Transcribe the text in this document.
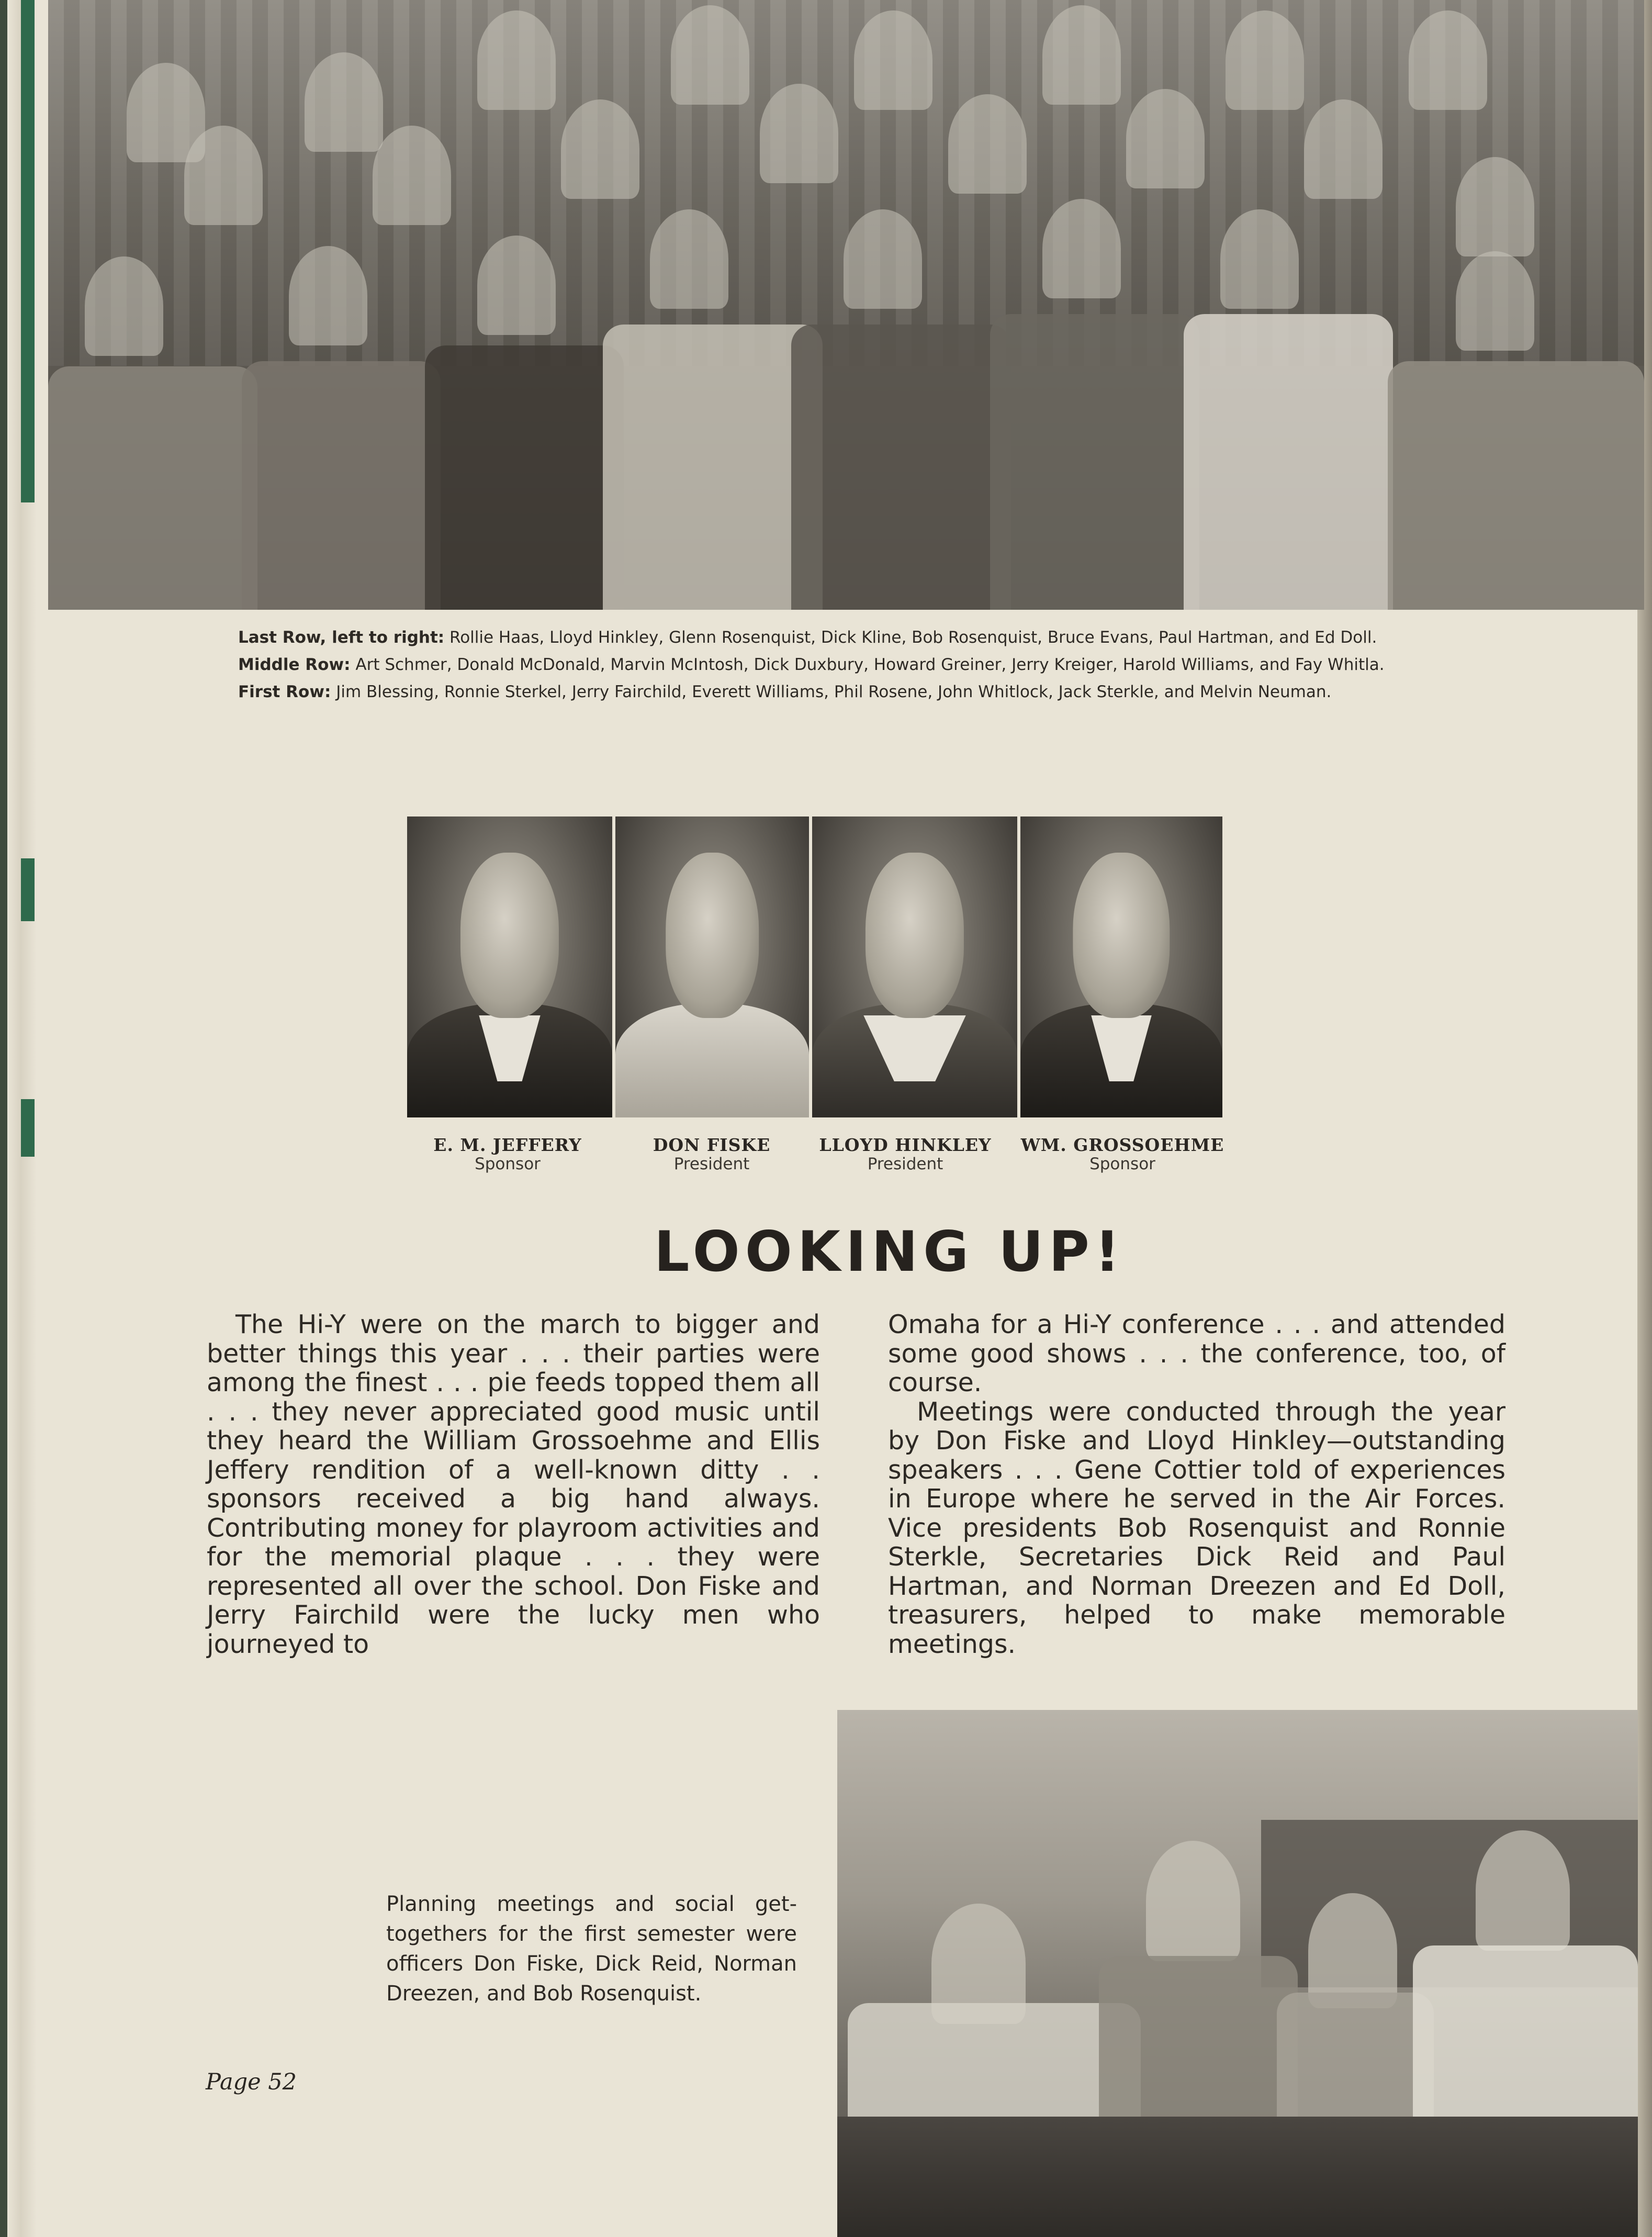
Last Row, left to right: Rollie Haas, Lloyd Hinkley, Glenn Rosenquist, Dick Kline, Bob Rosenquist, Bruce Evans, Paul Hartman, and Ed Doll.

Middle Row: Art Schmer, Donald McDonald, Marvin McIntosh, Dick Duxbury, Howard Greiner, Jerry Kreiger, Harold Williams, and Fay Whitla.

First Row: Jim Blessing, Ronnie Sterkel, Jerry Fairchild, Everett Williams, Phil Rosene, John Whitlock, Jack Sterkle, and Melvin Neuman.

E. M. JEFFERY
Sponsor
DON FISKE
President
LLOYD HINKLEY
President
WM. GROSSOEHME
Sponsor
LOOKING UP!

The Hi-Y were on the march to bigger and better things this year . . . their parties were among the finest . . . pie feeds topped them all . . . they never appreciated good music until they heard the William Grossoehme and Ellis Jeffery rendition of a well-known ditty . . sponsors received a big hand always. Contributing money for playroom activities and for the memorial plaque . . . they were represented all over the school. Don Fiske and Jerry Fairchild were the lucky men who journeyed to

Omaha for a Hi-Y conference . . . and attended some good shows . . . the conference, too, of course.

Meetings were conducted through the year by Don Fiske and Lloyd Hinkley—outstanding speakers . . . Gene Cottier told of experiences in Europe where he served in the Air Forces. Vice presidents Bob Rosenquist and Ronnie Sterkle, Secretaries Dick Reid and Paul Hartman, and Norman Dreezen and Ed Doll, treasurers, helped to make memorable meetings.

Planning meetings and social get-togethers for the first semester were officers Don Fiske, Dick Reid, Norman Dreezen, and Bob Rosenquist.
Page 52
